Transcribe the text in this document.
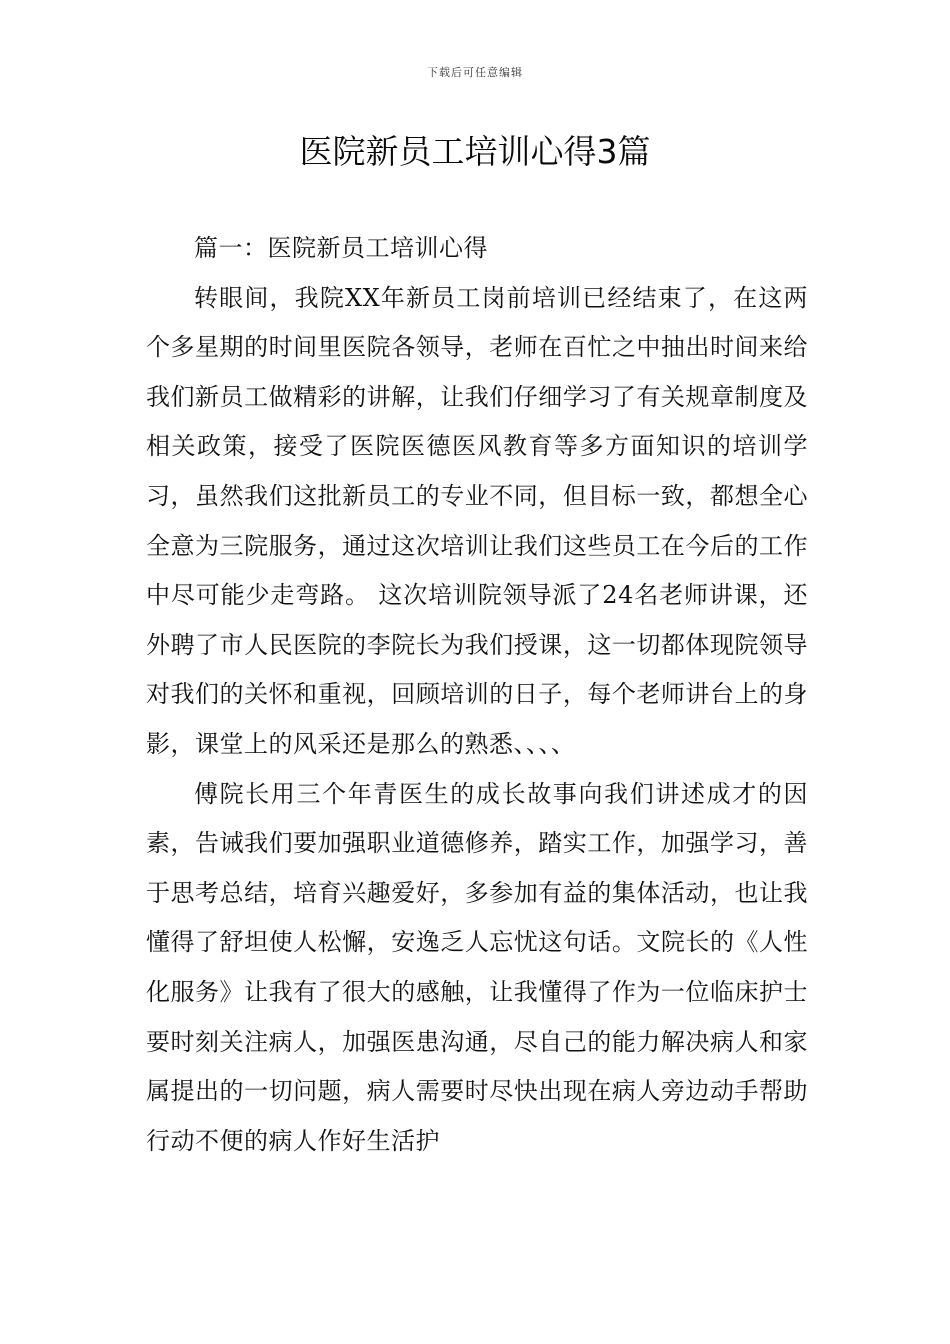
下载后可任意编辑
医院新员工培训心得3篇
篇一：医院新员工培训心得

转眼间，我院XX年新员工岗前培训已经结束了，在这两个多星期的时间里医院各领导，老师在百忙之中抽出时间来给我们新员工做精彩的讲解，让我们仔细学习了有关规章制度及相关政策，接受了医院医德医风教育等多方面知识的培训学习，虽然我们这批新员工的专业不同，但目标一致，都想全心全意为三院服务，通过这次培训让我们这些员工在今后的工作中尽可能少走弯路。 这次培训院领导派了24名老师讲课，还外聘了市人民医院的李院长为我们授课，这一切都体现院领导对我们的关怀和重视，回顾培训的日子，每个老师讲台上的身影，课堂上的风采还是那么的熟悉、、、、

傅院长用三个年青医生的成长故事向我们讲述成才的因素，告诫我们要加强职业道德修养，踏实工作，加强学习，善于思考总结，培育兴趣爱好，多参加有益的集体活动，也让我懂得了舒坦使人松懈，安逸乏人忘忧这句话。文院长的《人性化服务》让我有了很大的感触，让我懂得了作为一位临床护士要时刻关注病人，加强医患沟通，尽自己的能力解决病人和家属提出的一切问题，病人需要时尽快出现在病人旁边动手帮助行动不便的病人作好生活护
